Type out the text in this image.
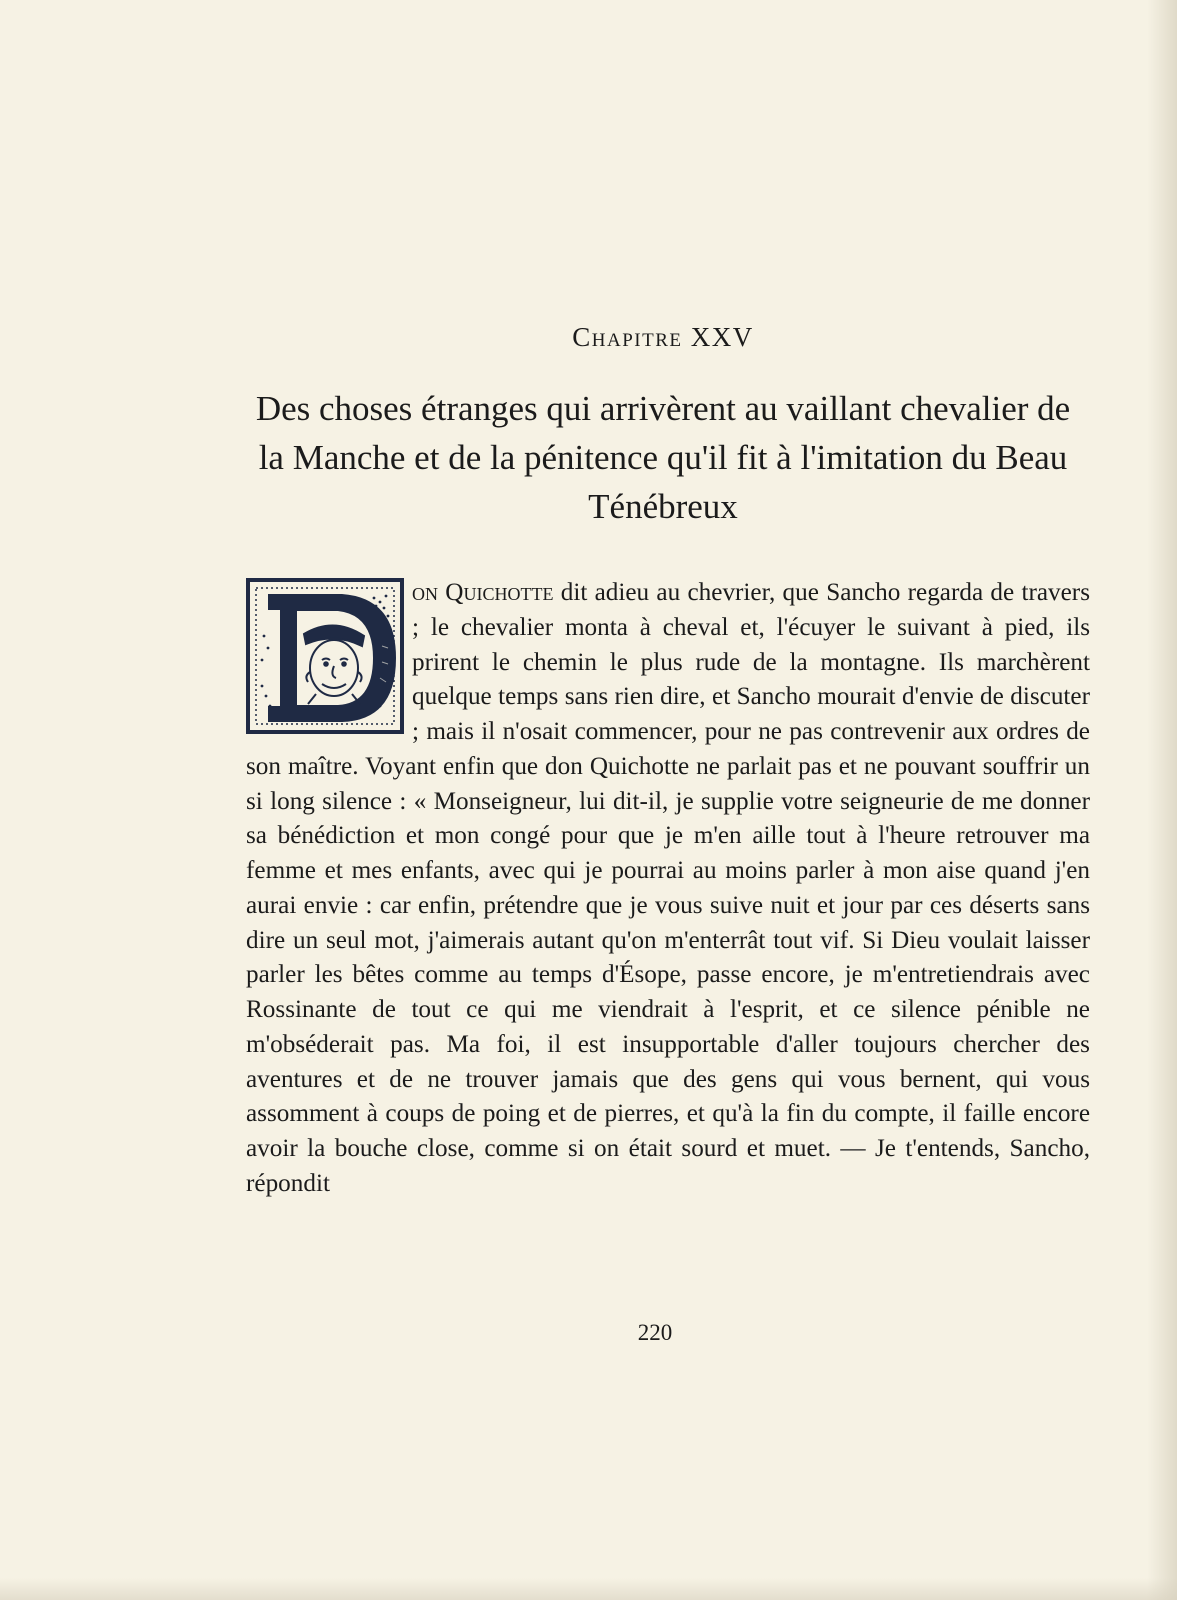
Chapitre XXV
Des choses étranges qui arrivèrent au vaillant chevalier de la Manche et de la pénitence qu'il fit à l'imitation du Beau Ténébreux
on Quichotte dit adieu au chevrier, que Sancho regarda de travers ; le chevalier monta à cheval et, l'écuyer le suivant à pied, ils prirent le chemin le plus rude de la montagne. Ils marchèrent quelque temps sans rien dire, et Sancho mourait d'envie de discuter ; mais il n'osait commencer, pour ne pas contrevenir aux ordres de son maître. Voyant enfin que don Quichotte ne parlait pas et ne pouvant souffrir un si long silence : « Monseigneur, lui dit-il, je supplie votre seigneurie de me donner sa bénédiction et mon congé pour que je m'en aille tout à l'heure retrouver ma femme et mes enfants, avec qui je pourrai au moins parler à mon aise quand j'en aurai envie : car enfin, prétendre que je vous suive nuit et jour par ces déserts sans dire un seul mot, j'aimerais autant qu'on m'enterrât tout vif. Si Dieu voulait laisser parler les bêtes comme au temps d'Ésope, passe encore, je m'entretiendrais avec Rossinante de tout ce qui me viendrait à l'esprit, et ce silence pénible ne m'obséderait pas. Ma foi, il est insupportable d'aller toujours chercher des aventures et de ne trouver jamais que des gens qui vous bernent, qui vous assomment à coups de poing et de pierres, et qu'à la fin du compte, il faille encore avoir la bouche close, comme si on était sourd et muet. — Je t'entends, Sancho, répondit
220
